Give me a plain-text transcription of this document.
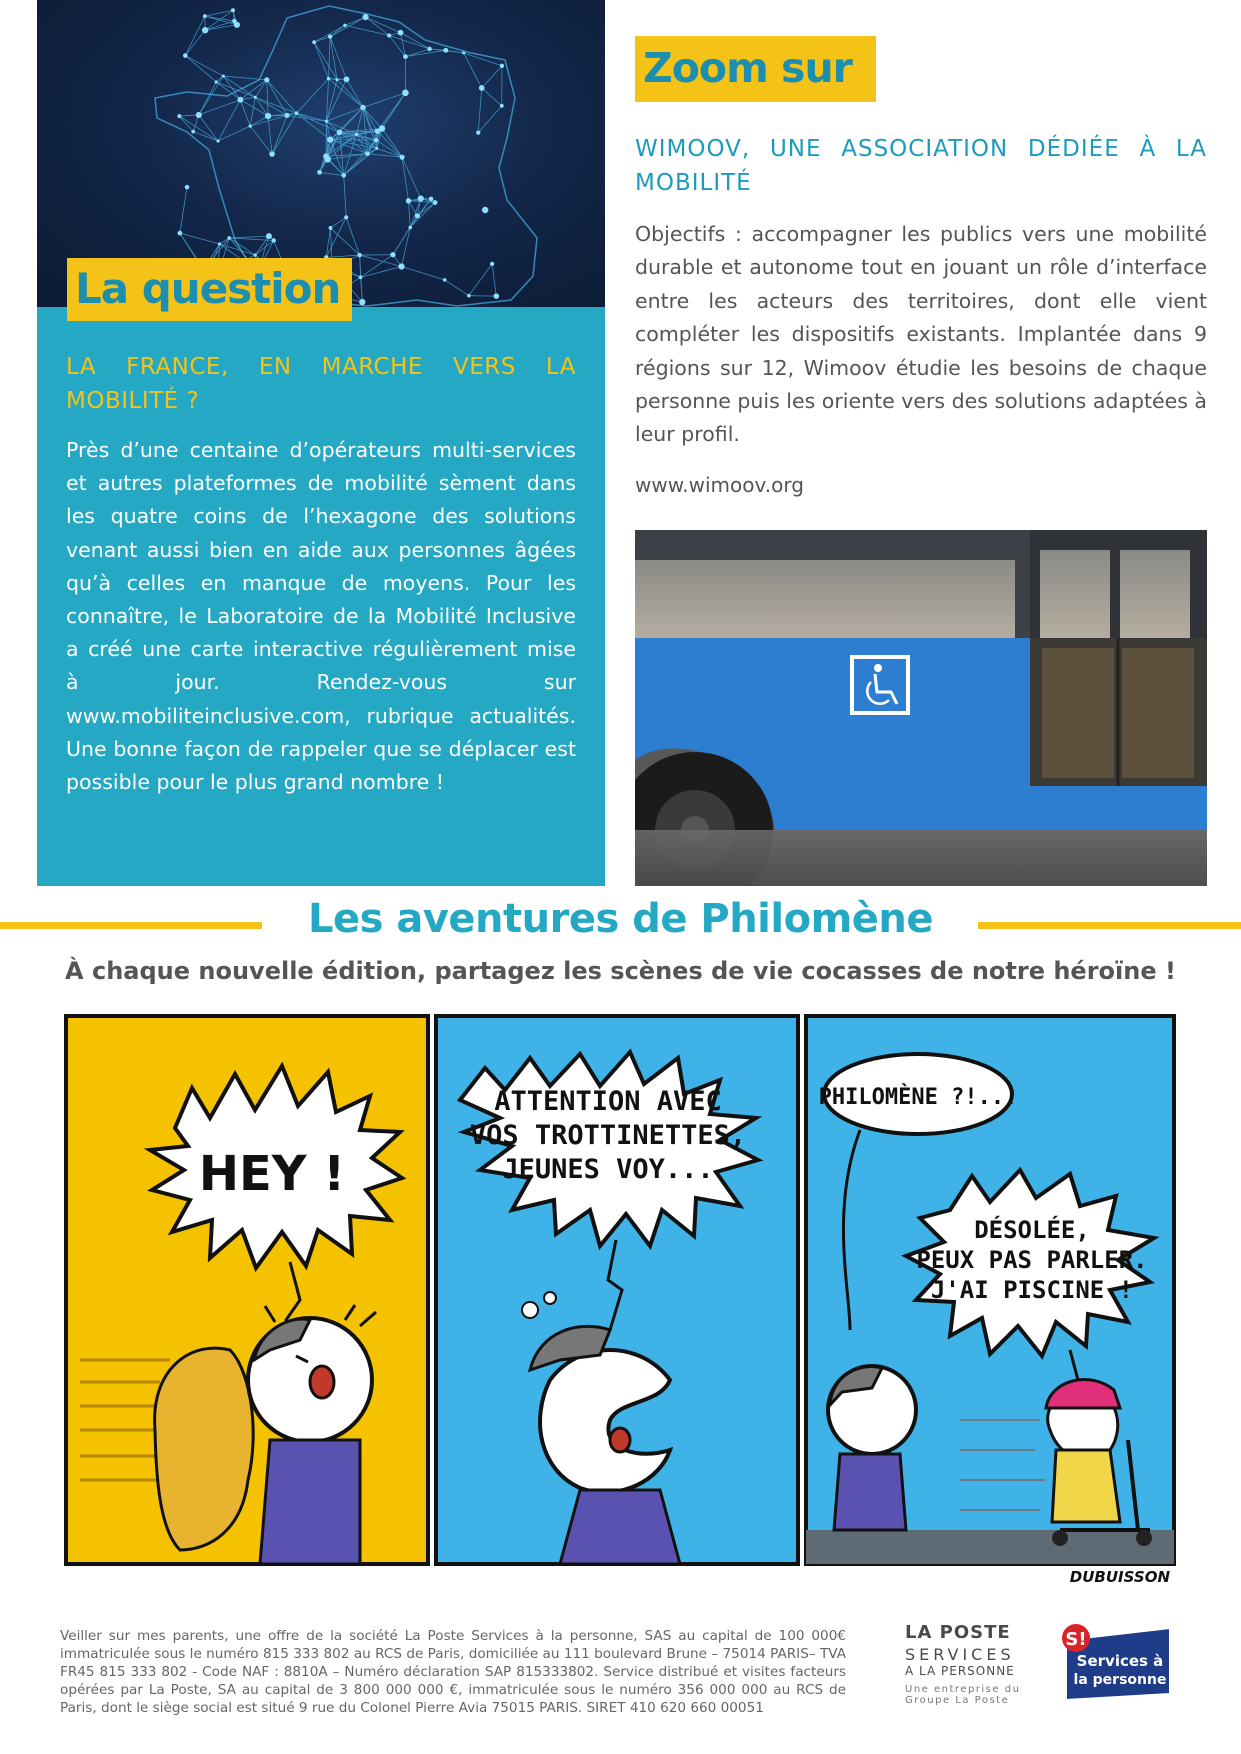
La question
LA FRANCE, EN MARCHE VERS LA MOBILITÉ ?
Près d’une centaine d’opérateurs multi-services et autres plateformes de mobilité sèment dans les quatre coins de l’hexagone des solutions venant aussi bien en aide aux personnes âgées qu’à celles en manque de moyens. Pour les connaître, le Laboratoire de la Mobilité Inclusive a créé une carte interactive régulièrement mise à jour. Rendez-vous sur www.mobiliteinclusive.com, rubrique actualités. Une bonne façon de rappeler que se déplacer est possible pour le plus grand nombre !
Zoom sur
WIMOOV, UNE ASSOCIATION DÉDIÉE À LA MOBILITÉ
Objectifs : accompagner les publics vers une mobilité durable et autonome tout en jouant un rôle d’interface entre les acteurs des territoires, dont elle vient compléter les dispositifs existants. Implantée dans 9 régions sur 12, Wimoov étudie les besoins de chaque personne puis les oriente vers des solutions adaptées à leur profil.
www.wimoov.org
Les aventures de Philomène
À chaque nouvelle édition, partagez les scènes de vie cocasses de notre héroïne !
HEY !
ATTENTION AVEC
VOS TROTTINETTES,
JEUNES VOY...
PHILOMÈNE ?!...
DÉSOLÉE,
PEUX PAS PARLER.
J'AI PISCINE !
DUBUISSON
Veiller sur mes parents, une offre de la société La Poste Services à la personne, SAS au capital de 100 000€ immatriculée sous le numéro 815 333 802 au RCS de Paris, domiciliée au 111 boulevard Brune – 75014 PARIS– TVA FR45 815 333 802 - Code NAF : 8810A – Numéro déclaration SAP 815333802. Service distribué et visites facteurs opérées par La Poste, SA au capital de 3 800 000 000 €, immatriculée sous le numéro 356 000 000 au RCS de Paris, dont le siège social est situé 9 rue du Colonel Pierre Avia 75015 PARIS. SIRET 410 620 660 00051
LA POSTE
SERVICES
A LA PERSONNE
Une entreprise du
Groupe La Poste
S!
Services à
la personne
